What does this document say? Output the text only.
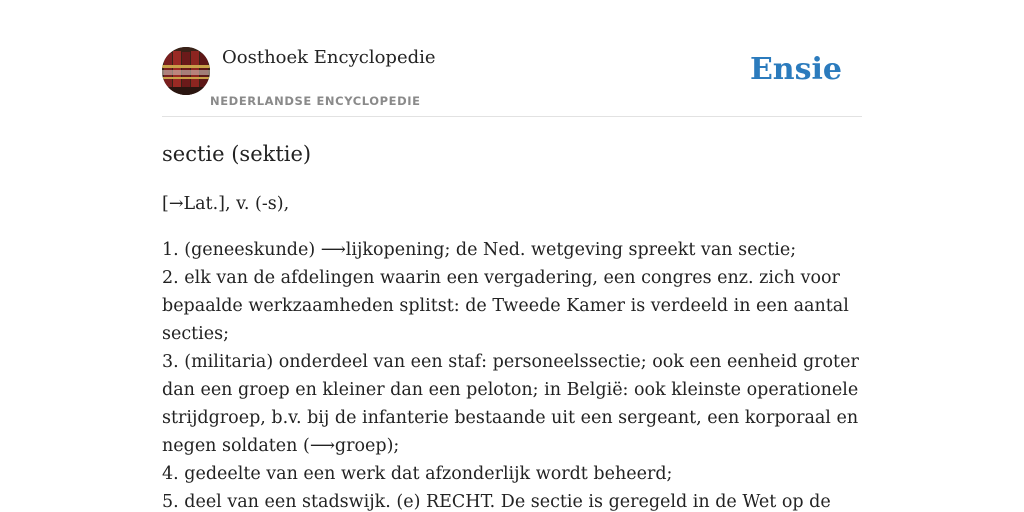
Oosthoek Encyclopedie
NEDERLANDSE ENCYCLOPEDIE
Ensie
sectie (sektie)

[→Lat.], v. (-s),

1. (geneeskunde) ⟶lijkopening; de Ned. wetgeving spreekt van sectie;
2. elk van de afdelingen waarin een vergadering, een congres enz. zich voor bepaalde werkzaamheden splitst: de Tweede Kamer is verdeeld in een aantal secties;
3. (militaria) onderdeel van een staf: personeelssectie; ook een eenheid groter dan een groep en kleiner dan een peloton; in België: ook kleinste operationele strijdgroep, b.v. bij de infanterie bestaande uit een sergeant, een korporaal en negen soldaten (⟶groep);
4. gedeelte van een werk dat afzonderlijk wordt beheerd;
5. deel van een stadswijk. (e) RECHT. De sectie is geregeld in de Wet op de
